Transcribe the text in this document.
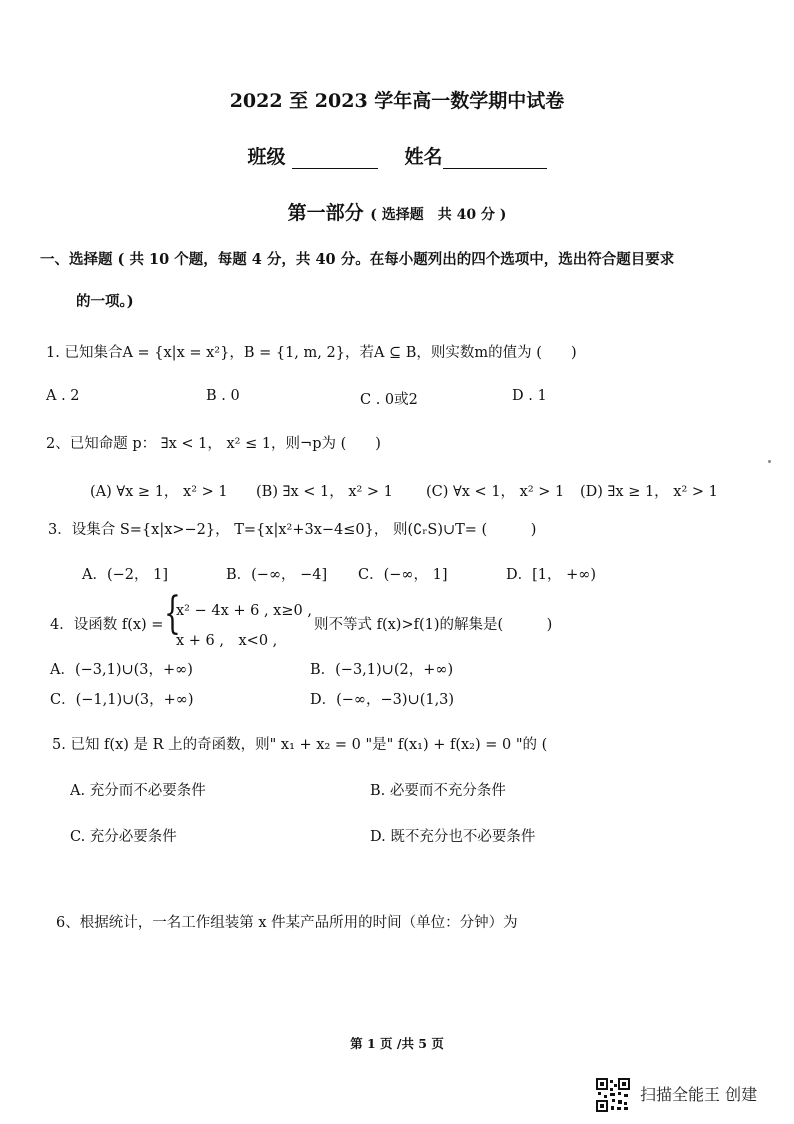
2022 至 2023 学年高一数学期中试卷
班级	姓名
第一部分 ( 选择题　共 40 分 )
一、选择题 ( 共 10 个题，每题 4 分，共 40 分。在每小题列出的四个选项中，选出符合题目要求
的一项。)
1. 已知集合A = {x|x = x²}，B = {1, m, 2}，若A ⊆ B，则实数m的值为 (　　)
A . 2	B . 0	C . 0或2	D . 1
2、已知命题 p： ∃x < 1， x² ≤ 1，则¬p为 (　　)
(A) ∀x ≥ 1， x² > 1 (B) ∃x < 1， x² > 1 (C) ∀x < 1， x² > 1 (D) ∃x ≥ 1， x² > 1
3．设集合 S={x|x>−2}， T={x|x²+3x−4≤0}， 则(∁ᵣS)∪T= (　　　)
A．(−2， 1]	B．(−∞， −4] C．(−∞， 1]	D．[1， +∞)
4．设函数 f(x) = {
x² − 4x + 6 , x≥0 ,
x + 6 ,　x<0 ,
则不等式 f(x)>f(1)的解集是(　　　)
A．(−3,1)∪(3，+∞)	B．(−3,1)∪(2，+∞)
C．(−1,1)∪(3，+∞)	D．(−∞，−3)∪(1,3)
5. 已知 f(x) 是 R 上的奇函数，则" x₁ + x₂ = 0 "是" f(x₁) + f(x₂) = 0 "的 (
A. 充分而不必要条件	B. 必要而不充分条件
C. 充分必要条件	D. 既不充分也不必要条件
6、根据统计，一名工作组装第 x 件某产品所用的时间（单位：分钟）为
第 1 页 /共 5 页
扫描全能王 创建
